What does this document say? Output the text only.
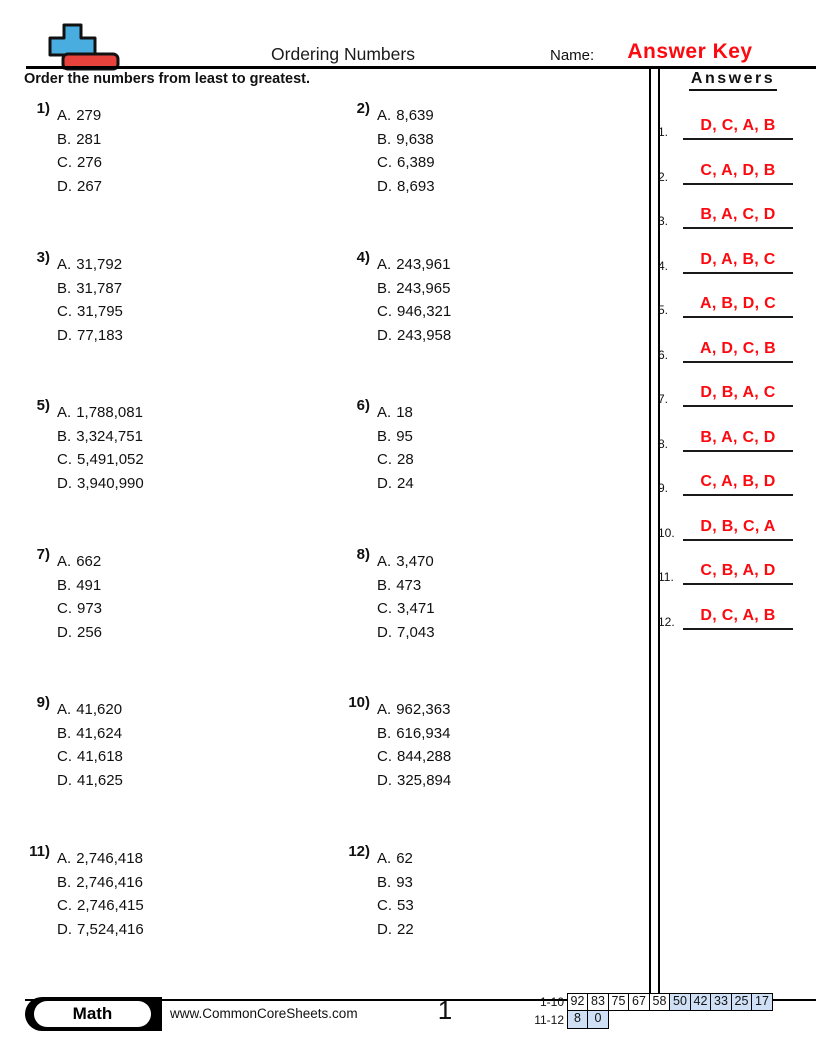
Ordering Numbers	Name:	Answer Key
Order the numbers from least to greatest.
1) A. 279
B. 281
C. 276
D. 267
2) A. 8,639
B. 9,638
C. 6,389
D. 8,693
3) A. 31,792
B. 31,787
C. 31,795
D. 77,183
4) A. 243,961
B. 243,965
C. 946,321
D. 243,958
5) A. 1,788,081
B. 3,324,751
C. 5,491,052
D. 3,940,990
6) A. 18
B. 95
C. 28
D. 24
7) A. 662
B. 491
C. 973
D. 256
8) A. 3,470
B. 473
C. 3,471
D. 7,043
9) A. 41,620
B. 41,624
C. 41,618
D. 41,625
10) A. 962,363
B. 616,934
C. 844,288
D. 325,894
11) A. 2,746,418
B. 2,746,416
C. 2,746,415
D. 7,524,416
12) A. 62
B. 93
C. 53
D. 22
Answers
1.	D, C, A, B
2.	C, A, D, B
3.	B, A, C, D
4.	D, A, B, C
5.	A, B, D, C
6.	A, D, C, B
7.	D, B, A, C
8.	B, A, C, D
9.	C, A, B, D
10.	D, B, C, A
11.	C, B, A, D
12.	D, C, A, B
Math	www.CommonCoreSheets.com	1	1-10 92 83 75 67 58 50 42 33 25 17
11-12 8	0
